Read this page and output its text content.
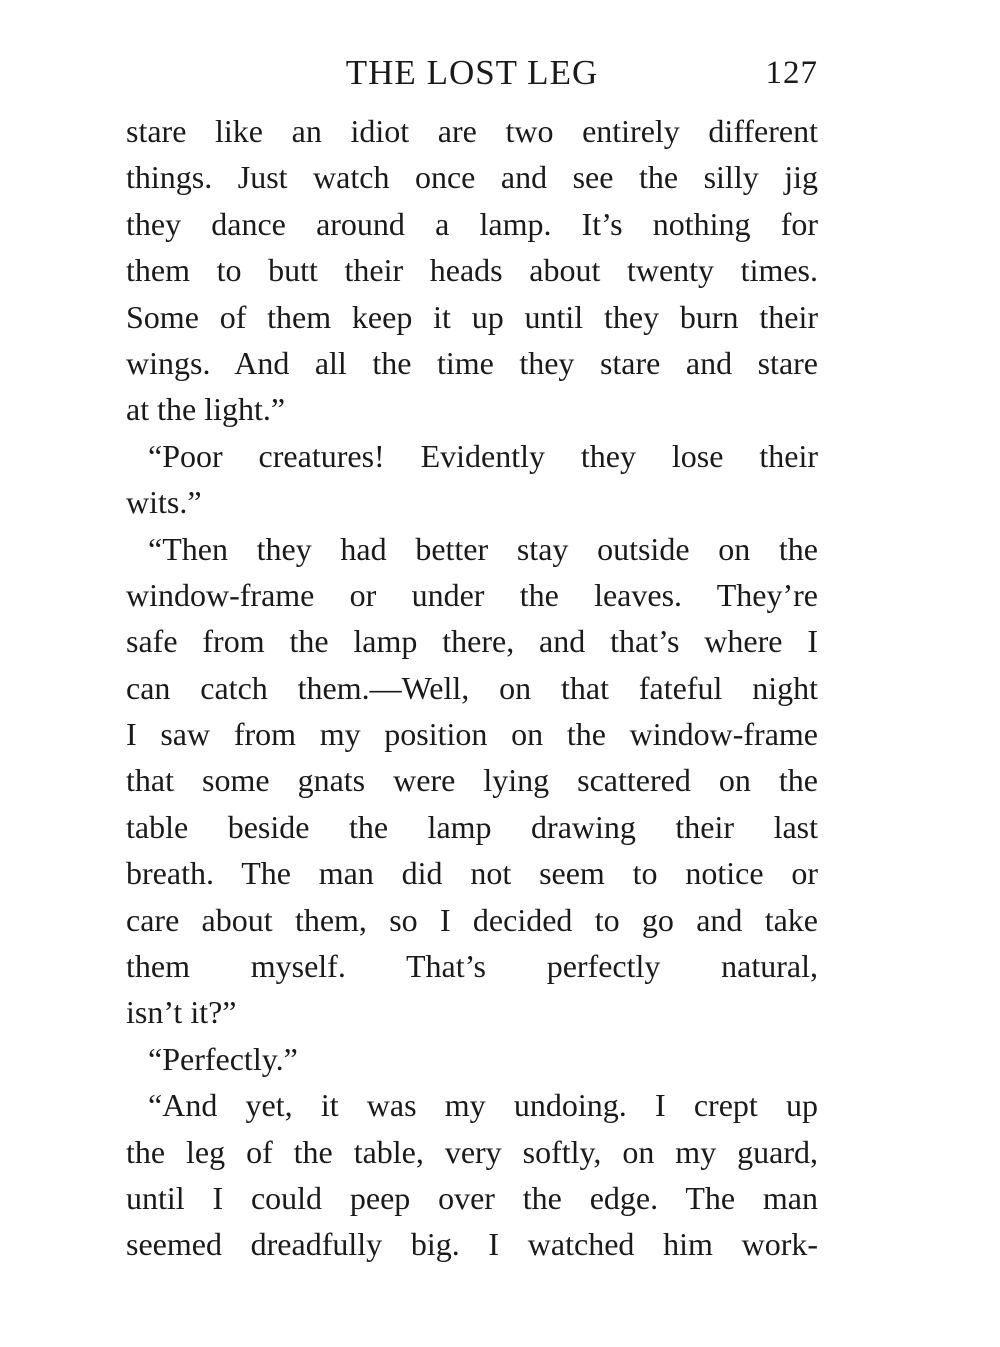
THE LOST LEG	127
stare like an idiot are two entirely different
things. Just watch once and see the silly jig
they dance around a lamp. It’s nothing for
them to butt their heads about twenty times.
Some of them keep it up until they burn their
wings. And all the time they stare and stare
at the light.”
“Poor creatures! Evidently they lose their
wits.”
“Then they had better stay outside on the
window-frame or under the leaves. They’re
safe from the lamp there, and that’s where I
can catch them.—Well, on that fateful night
I saw from my position on the window-frame
that some gnats were lying scattered on the
table beside the lamp drawing their last
breath. The man did not seem to notice or
care about them, so I decided to go and take
them myself. That’s perfectly natural,
isn’t it?”
“Perfectly.”
“And yet, it was my undoing. I crept up
the leg of the table, very softly, on my guard,
until I could peep over the edge. The man
seemed dreadfully big. I watched him work-
